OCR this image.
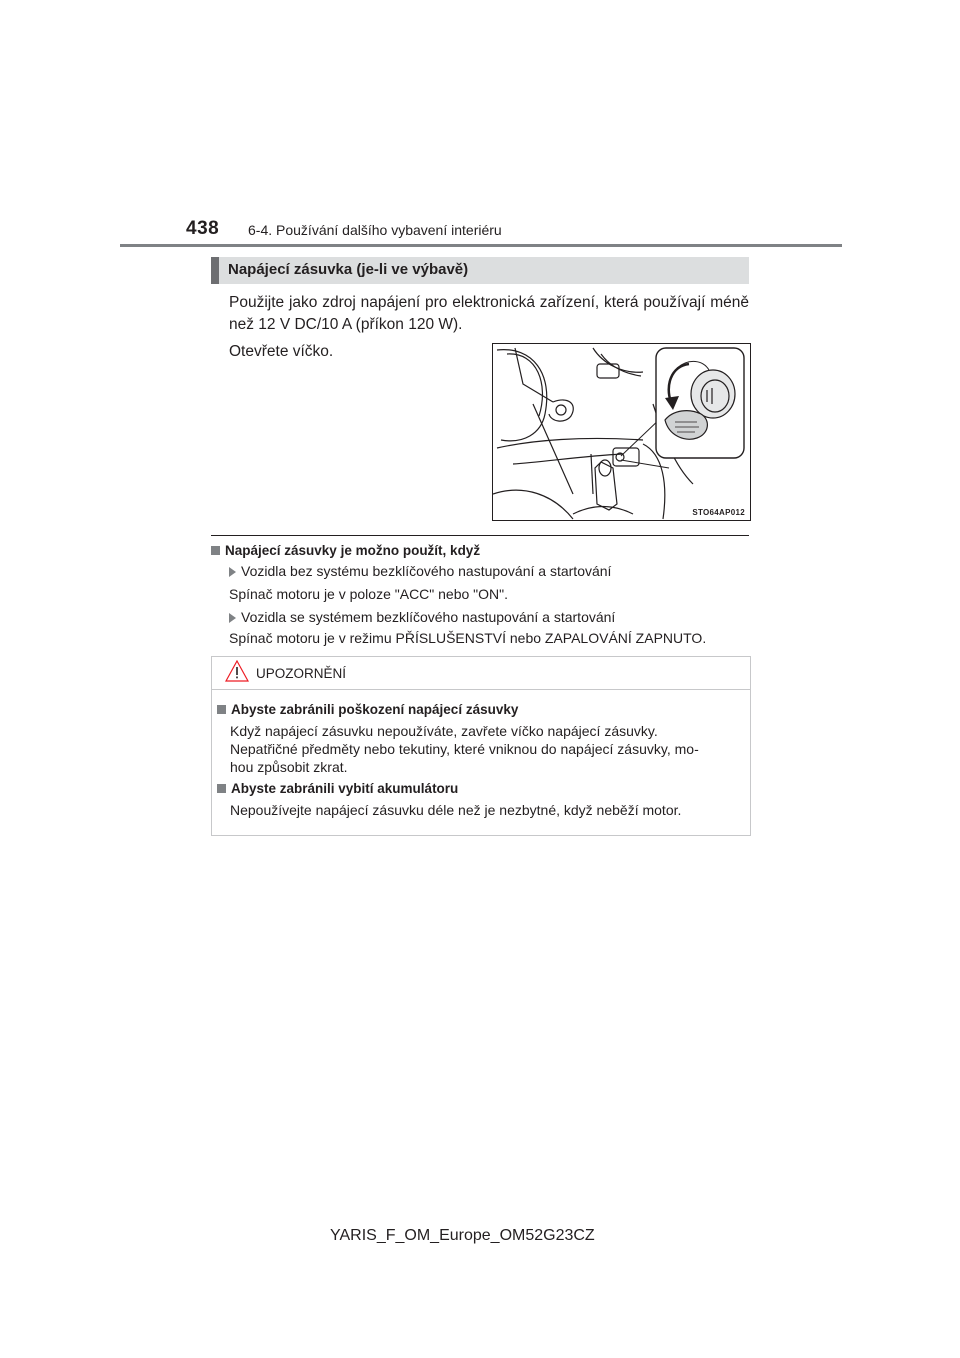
438 6-4. Používání dalšího vybavení interiéru
Napájecí zásuvka (je-li ve výbavě)
Použijte jako zdroj napájení pro elektronická zařízení, která používají méně než 12 V DC/10 A (příkon 120 W).
Otevřete víčko.
STO64AP012
Napájecí zásuvky je možno použít, když
Vozidla bez systému bezklíčového nastupování a startování
Spínač motoru je v poloze "ACC" nebo "ON".
Vozidla se systémem bezklíčového nastupování a startování
Spínač motoru je v režimu PŘÍSLUŠENSTVÍ nebo ZAPALOVÁNÍ ZAPNUTO.
UPOZORNĚNÍ
Abyste zabránili poškození napájecí zásuvky
Když napájecí zásuvku nepoužíváte, zavřete víčko napájecí zásuvky.
Nepatřičné předměty nebo tekutiny, které vniknou do napájecí zásuvky, mo-
hou způsobit zkrat.
Abyste zabránili vybití akumulátoru
Nepoužívejte napájecí zásuvku déle než je nezbytné, když neběží motor.
YARIS_F_OM_Europe_OM52G23CZ
